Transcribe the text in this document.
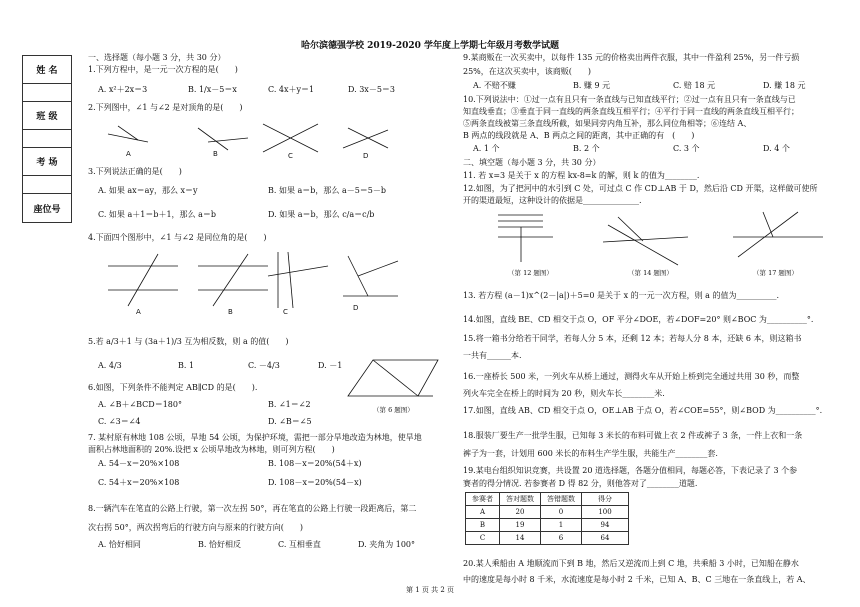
哈尔滨德强学校 2019-2020 学年度上学期七年级月考数学试题
姓 名
班 级
考 场
座位号
一、选择题（每小题 3 分，共 30 分）
1.下列方程中，是一元一次方程的是(　　)
A. x²＋2x＝3	B. 1/x－5＝x	C. 4x＋y＝1	D. 3x－5＝3
2.下列图中，∠1 与∠2 是对顶角的是(　　)
A	B	C	D
3.下列说法正确的是(　　)
A. 如果 ax＝ay，那么 x＝y	B. 如果 a＝b，那么 a－5＝5－b
C. 如果 a＋1＝b＋1，那么 a＝b	D. 如果 a＝b，那么 c/a＝c/b
4.下面四个图形中，∠1 与∠2 是同位角的是(　　)
A	B	C	D
5.若 a/3＋1 与 (3a＋1)/3 互为相反数，则 a 的值(　　)
A. 4/3	B. 1	C. －4/3	D. －1
（第 6 题图）
6.如图，下列条件不能判定 AB∥CD 的是(　　).
A. ∠B＋∠BCD＝180°	B. ∠1＝∠2
C. ∠3＝∠4	D. ∠B＝∠5
7. 某村原有林地 108 公顷，旱地 54 公顷，为保护环境，需把一部分旱地改造为林地，使旱地
面积占林地面积的 20%.设把 x 公顷旱地改为林地，则可列方程(　　)
A. 54－x＝20%×108	B. 108－x＝20%(54＋x)
C. 54＋x＝20%×108	D. 108－x＝20%(54－x)
8.一辆汽车在笔直的公路上行驶，第一次左拐 50°，再在笔直的公路上行驶一段距离后，第二
次右拐 50°，两次拐弯后的行驶方向与原来的行驶方向(　　)
A. 恰好相同	B. 恰好相反	C. 互相垂直	D. 夹角为 100°
9.某商贩在一次买卖中，以每件 135 元的价格卖出两件衣服，其中一件盈利 25%，另一件亏损
25%，在这次买卖中，该商贩(　　)
A. 不赔不赚	B. 赚 9 元	C. 赔 18 元	D. 赚 18 元
10.下列说法中：①过一点有且只有一条直线与已知直线平行；②过一点有且只有一条直线与已
知直线垂直；③垂直于同一直线的两条直线互相平行；④平行于同一直线的两条直线互相平行；
⑤两条直线被第三条直线所截，如果同旁内角互补，那么同位角相等；⑥连结 A、
B 两点的线段就是 A、B 两点之间的距离，其中正确的有　(　　)
A. 1 个	B. 2 个	C. 3 个	D. 4 个
二、填空题（每小题 3 分，共 30 分）
11. 若 x=3 是关于 x 的方程 kx-8=k 的解，则 k 的值为________.
12.如图，为了把河中的水引到 C 处，可过点 C 作 CD⊥AB 于 D，然后沿 CD 开渠，这样做可使所
开的渠道最短，这种设计的依据是______________.
（第 12 题图）	（第 14 题图）	（第 17 题图）
13. 若方程 (a－1)x^(2－|a|)＋5=0 是关于 x 的一元一次方程，则 a 的值为__________.
14.如图，直线 BE、CD 相交于点 O，OF 平分∠DOE，若∠DOF=20° 则∠BOC 为__________°.
15.将一箱书分给若干同学，若每人分 5 本，还剩 12 本；若每人分 8 本，还缺 6 本，则这箱书
一共有______本.
16.一座桥长 500 米，一列火车从桥上通过，测得火车从开始上桥到完全通过共用 30 秒，而整
列火车完全在桥上的时间为 20 秒，则火车长________米.
17.如图，直线 AB、CD 相交于点 O，OE⊥AB 于点 O，若∠COE=55°，则∠BOD 为__________°.
18.服装厂要生产一批学生服，已知每 3 米长的布料可做上衣 2 件或裤子 3 条，一件上衣和一条
裤子为一套，计划用 600 米长的布料生产学生服，共能生产________套.
19.某电台组织知识竞赛，共设置 20 道选择题，各题分值相同，每题必答，下表记录了 3 个参
赛者的得分情况. 若参赛者 D 得 82 分，则他答对了________道题.
参赛者	答对题数	答错题数	得分
A	20	0	100
B	19	1	94
C	14	6	64
20.某人乘船由 A 地顺流而下到 B 地，然后又逆流而上到 C 地，共乘船 3 小时，已知船在静水
中的速度是每小时 8 千米，水流速度是每小时 2 千米，已知 A、B、C 三地在一条直线上，若 A、
第 1 页 共 2 页
